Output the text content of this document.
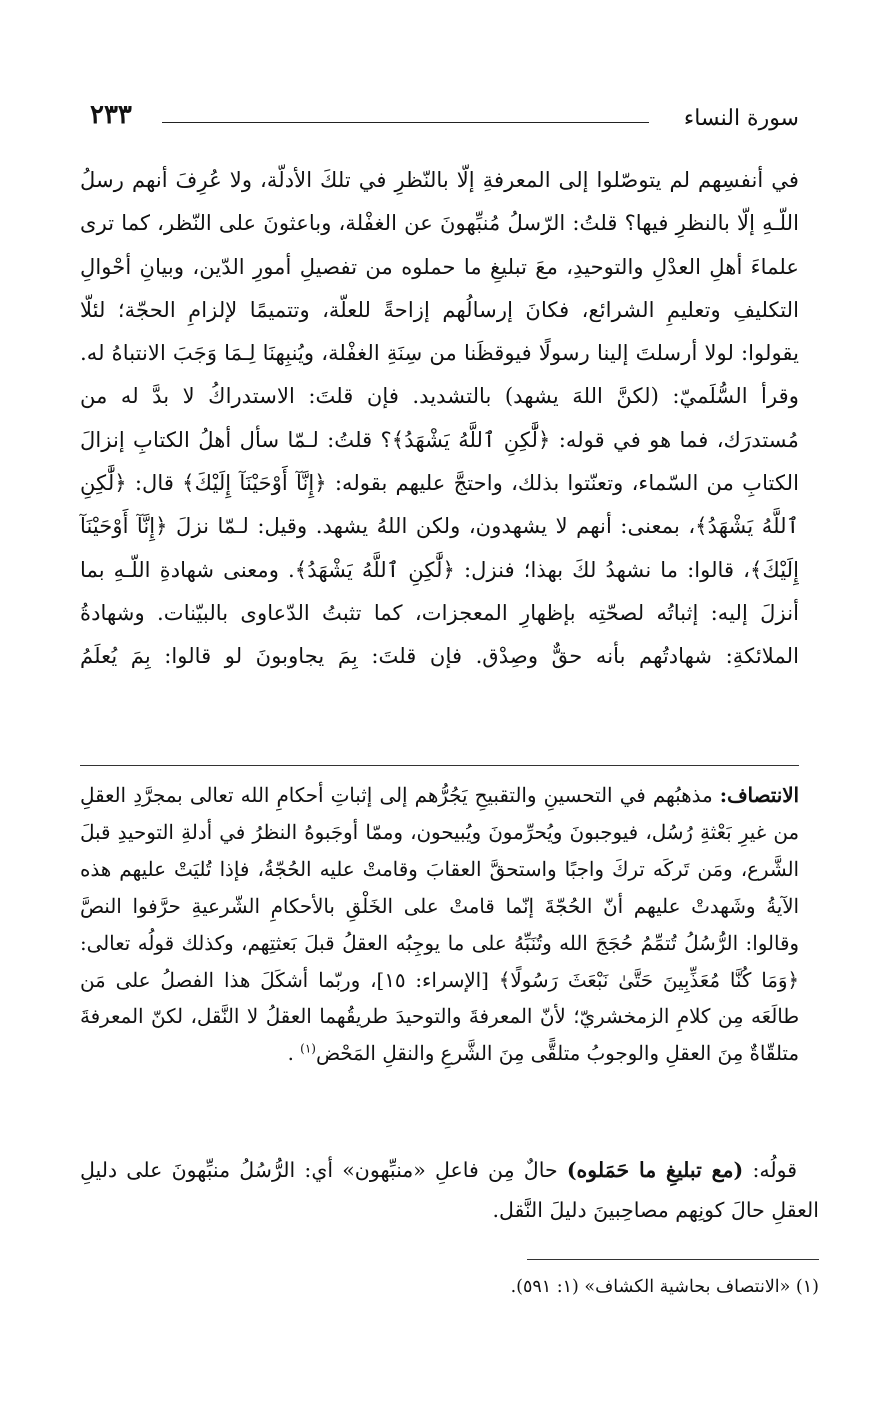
٢٣٣	سورة النساء

في أنفسِهم لم يتوصّلوا إلى المعرفةِ إلّا بالنّظرِ في تلكَ الأدلّة، ولا عُرِفَ أنهم رسلُ اللّـهِ إلّا بالنظرِ فيها؟ قلتُ: الرّسلُ مُنبِّهونَ عن الغفْلة، وباعثونَ على النّظر، كما ترى علماءَ أهلِ العدْلِ والتوحيدِ، معَ تبليغِ ما حملوه من تفصيلِ أمورِ الدّين، وبيانِ أحْوالِ التكليفِ وتعليمِ الشرائع، فكانَ إرسالُهم إزاحةً للعلّة، وتتميمًا لإلزامِ الحجّة؛ لئلّا يقولوا: لولا أرسلتَ إلينا رسولًا فيوقظَنا من سِنَةِ الغفْلة، ويُنبِهنَا لِـمَا وَجَبَ الانتباهُ له. وقرأ السُّلَميّ: (لكنَّ اللهَ يشهد) بالتشديد. فإن قلتَ: الاستدراكُ لا بدَّ له من مُستدرَك، فما هو في قوله: ﴿لَّٰكِنِ ٱللَّهُ يَشْهَدُ﴾؟ قلتُ: لـمّا سأل أهلُ الكتابِ إنزالَ الكتابِ من السّماء، وتعنّتوا بذلك، واحتجَّ عليهم بقوله: ﴿إِنَّآ أَوْحَيْنَآ إِلَيْكَ﴾ قال: ﴿لَّٰكِنِ ٱللَّهُ يَشْهَدُ﴾، بمعنى: أنهم لا يشهدون، ولكن اللهُ يشهد. وقيل: لـمّا نزلَ ﴿إِنَّآ أَوْحَيْنَآ إِلَيْكَ﴾، قالوا: ما نشهدُ لكَ بهذا؛ فنزل: ﴿لَّٰكِنِ ٱللَّهُ يَشْهَدُ﴾. ومعنى شهادةِ اللّـهِ بما أنزلَ إليه: إثباتُه لصحّتِه بإظهارِ المعجزات، كما تثبتُ الدّعاوى بالبيّنات. وشهادةُ الملائكةِ: شهادتُهم بأنه حقٌّ وصِدْق. فإن قلتَ: بِمَ يجاوبونَ لو قالوا: بِمَ يُعلَمُ

الانتصاف: مذهبُهم في التحسينِ والتقبيحِ يَجُرُّهم إلى إثباتِ أحكامِ الله تعالى بمجرَّدِ العقلِ من غيرِ بَعْثةِ رُسُل، فيوجبونَ ويُحرِّمونَ ويُبيحون، وممّا أوجَبوهُ النظرُ في أدلةِ التوحيدِ قبلَ الشَّرع، ومَن تَركَه تركَ واجبًا واستحقَّ العقابَ وقامتْ عليه الحُجّةُ، فإذا تُليَتْ عليهم هذه الآيةُ وشَهدتْ عليهم أنّ الحُجّةَ إنّما قامتْ على الخَلْقِ بالأحكامِ الشّرعيةِ حرَّفوا النصَّ وقالوا: الرُّسُلُ تُتمِّمُ حُجَجَ الله وتُنَبِّهُ على ما يوجِبُه العقلُ قبلَ بَعثتِهم، وكذلك قولُه تعالى: ﴿وَمَا كُنَّا مُعَذِّبِينَ حَتَّىٰ نَبْعَثَ رَسُولًا﴾ [الإسراء: ١٥]، وربّما أشكَلَ هذا الفصلُ على مَن طالَعَه مِن كلامِ الزمخشريّ؛ لأنّ المعرفةَ والتوحيدَ طريقُهما العقلُ لا النَّقل، لكنّ المعرفةَ متلقّاةٌ مِنَ العقلِ والوجوبُ متلقًّى مِنَ الشَّرعِ والنقلِ المَحْض$^{(١)}$ .

قولُه: (مع تبليغِ ما حَمَلوه) حالٌ مِن فاعلِ «منبِّهون» أي: الرُّسُلُ منبِّهونَ على دليلِ العقلِ حالَ كونِهم مصاحِبينَ دليلَ النَّقل.

(١) «الانتصاف بحاشية الكشاف» (١: ٥٩١).
